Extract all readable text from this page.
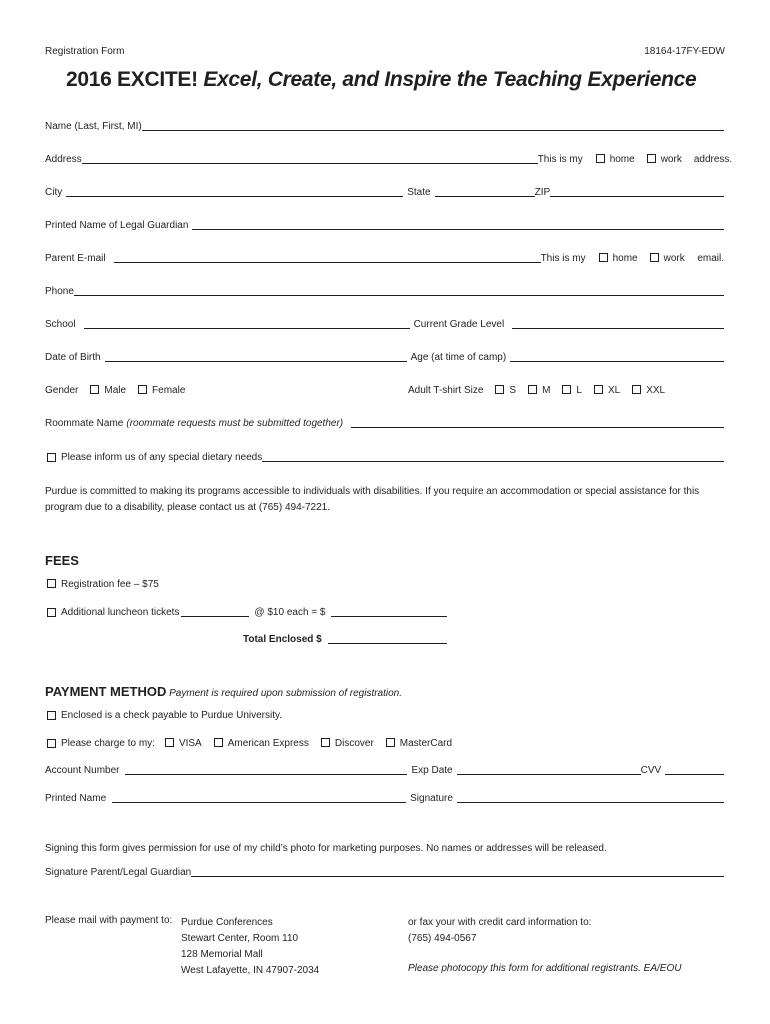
Registration Form	18164-17FY-EDW
2016 EXCITE! Excel, Create, and Inspire the Teaching Experience
Name (Last, First, MI)
Address	This is my	home	work address.
City	State	ZIP
Printed Name of Legal Guardian
Parent E-mail	This is my	home	work email.
Phone
School	Current Grade Level
Date of Birth	Age (at time of camp)
Gender	Male	Female	Adult T-shirt Size	S	M	L	XL	XXL
Roommate Name (roommate requests must be submitted together)
Please inform us of any special dietary needs
Purdue is committed to making its programs accessible to individuals with disabilities. If you require an accommodation or special assistance for this program due to a disability, please contact us at (765) 494-7221.
FEES
Registration fee – $75
Additional luncheon tickets	@ $10 each = $
Total Enclosed $
PAYMENT METHOD Payment is required upon submission of registration.
Enclosed is a check payable to Purdue University.
Please charge to my: VISA	American Express	Discover	MasterCard
Account Number	Exp Date	CVV
Printed Name	Signature
Signing this form gives permission for use of my child’s photo for marketing purposes. No names or addresses will be released.
Signature Parent/Legal Guardian
Please mail with payment to: Purdue Conferences
Stewart Center, Room 110
128 Memorial Mall
West Lafayette, IN 47907-2034
or fax your with credit card information to:
(765) 494-0567
Please photocopy this form for additional registrants. EA/EOU
